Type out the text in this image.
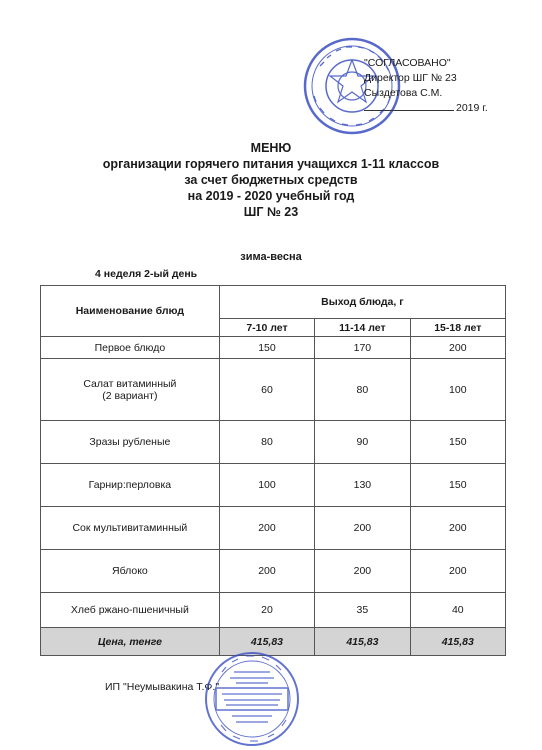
"СОГЛАСОВАНО"
Директор ШГ № 23
Сыздетова С.М.
2019 г.
МЕНЮ
организации горячего питания учащихся 1-11 классов
за счет бюджетных средств
на 2019 - 2020 учебный год
ШГ № 23
зима-весна
4 неделя 2-ый день
Наименование блюд	Выход блюда, г		
	7-10 лет	11-14 лет	15-18 лет
Первое блюдо	150	170	200

Салат витаминный
(2 вариант)	60	80	100
Зразы рубленые	80	90	150
Гарнир:перловка	100	130	150
Сок мультивитаминный	200	200	200
Яблоко	200	200	200
Хлеб ржано-пшеничный	20	35	40
Цена, тенге	415,83	415,83	415,83
ИП "Неумывакина Т.Ф."
